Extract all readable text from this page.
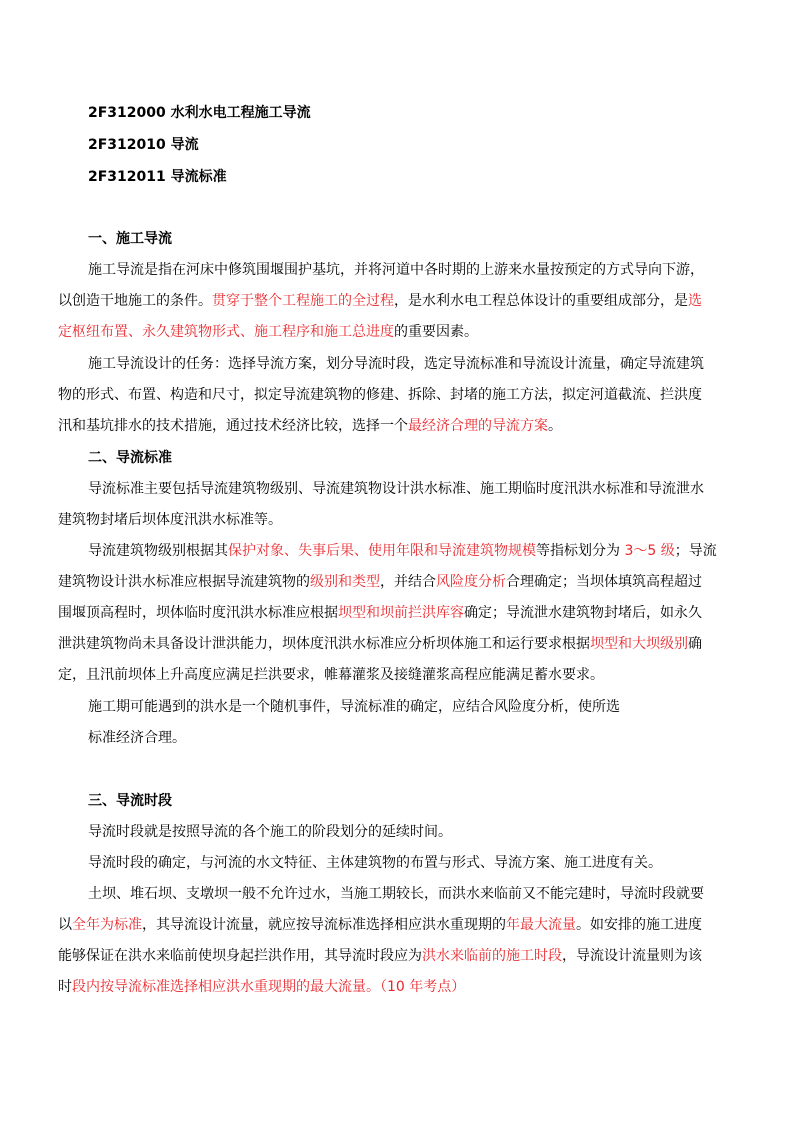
2F312000 水利水电工程施工导流
2F312010 导流
2F312011 导流标准
一、施工导流
施工导流是指在河床中修筑围堰围护基坑，并将河道中各时期的上游来水量按预定的方式导向下游，
以创造干地施工的条件。贯穿于整个工程施工的全过程，是水利水电工程总体设计的重要组成部分，是选
定枢纽布置、永久建筑物形式、施工程序和施工总进度的重要因素。
施工导流设计的任务：选择导流方案，划分导流时段，选定导流标准和导流设计流量，确定导流建筑
物的形式、布置、构造和尺寸，拟定导流建筑物的修建、拆除、封堵的施工方法，拟定河道截流、拦洪度
汛和基坑排水的技术措施，通过技术经济比较，选择一个最经济合理的导流方案。
二、导流标准
导流标准主要包括导流建筑物级别、导流建筑物设计洪水标准、施工期临时度汛洪水标准和导流泄水
建筑物封堵后坝体度汛洪水标准等。
导流建筑物级别根据其保护对象、失事后果、使用年限和导流建筑物规模等指标划分为 3～5 级；导流
建筑物设计洪水标准应根据导流建筑物的级别和类型，并结合风险度分析合理确定；当坝体填筑高程超过
围堰顶高程时，坝体临时度汛洪水标准应根据坝型和坝前拦洪库容确定；导流泄水建筑物封堵后，如永久
泄洪建筑物尚未具备设计泄洪能力，坝体度汛洪水标准应分析坝体施工和运行要求根据坝型和大坝级别确
定，且汛前坝体上升高度应满足拦洪要求，帷幕灌浆及接缝灌浆高程应能满足蓄水要求。
施工期可能遇到的洪水是一个随机事件，导流标准的确定，应结合风险度分析，使所选
标准经济合理。
三、导流时段
导流时段就是按照导流的各个施工的阶段划分的延续时间。
导流时段的确定，与河流的水文特征、主体建筑物的布置与形式、导流方案、施工进度有关。
土坝、堆石坝、支墩坝一般不允许过水，当施工期较长，而洪水来临前又不能完建时，导流时段就要
以全年为标准，其导流设计流量，就应按导流标准选择相应洪水重现期的年最大流量。如安排的施工进度
能够保证在洪水来临前使坝身起拦洪作用，其导流时段应为洪水来临前的施工时段，导流设计流量则为该
时段内按导流标准选择相应洪水重现期的最大流量。（10 年考点）
